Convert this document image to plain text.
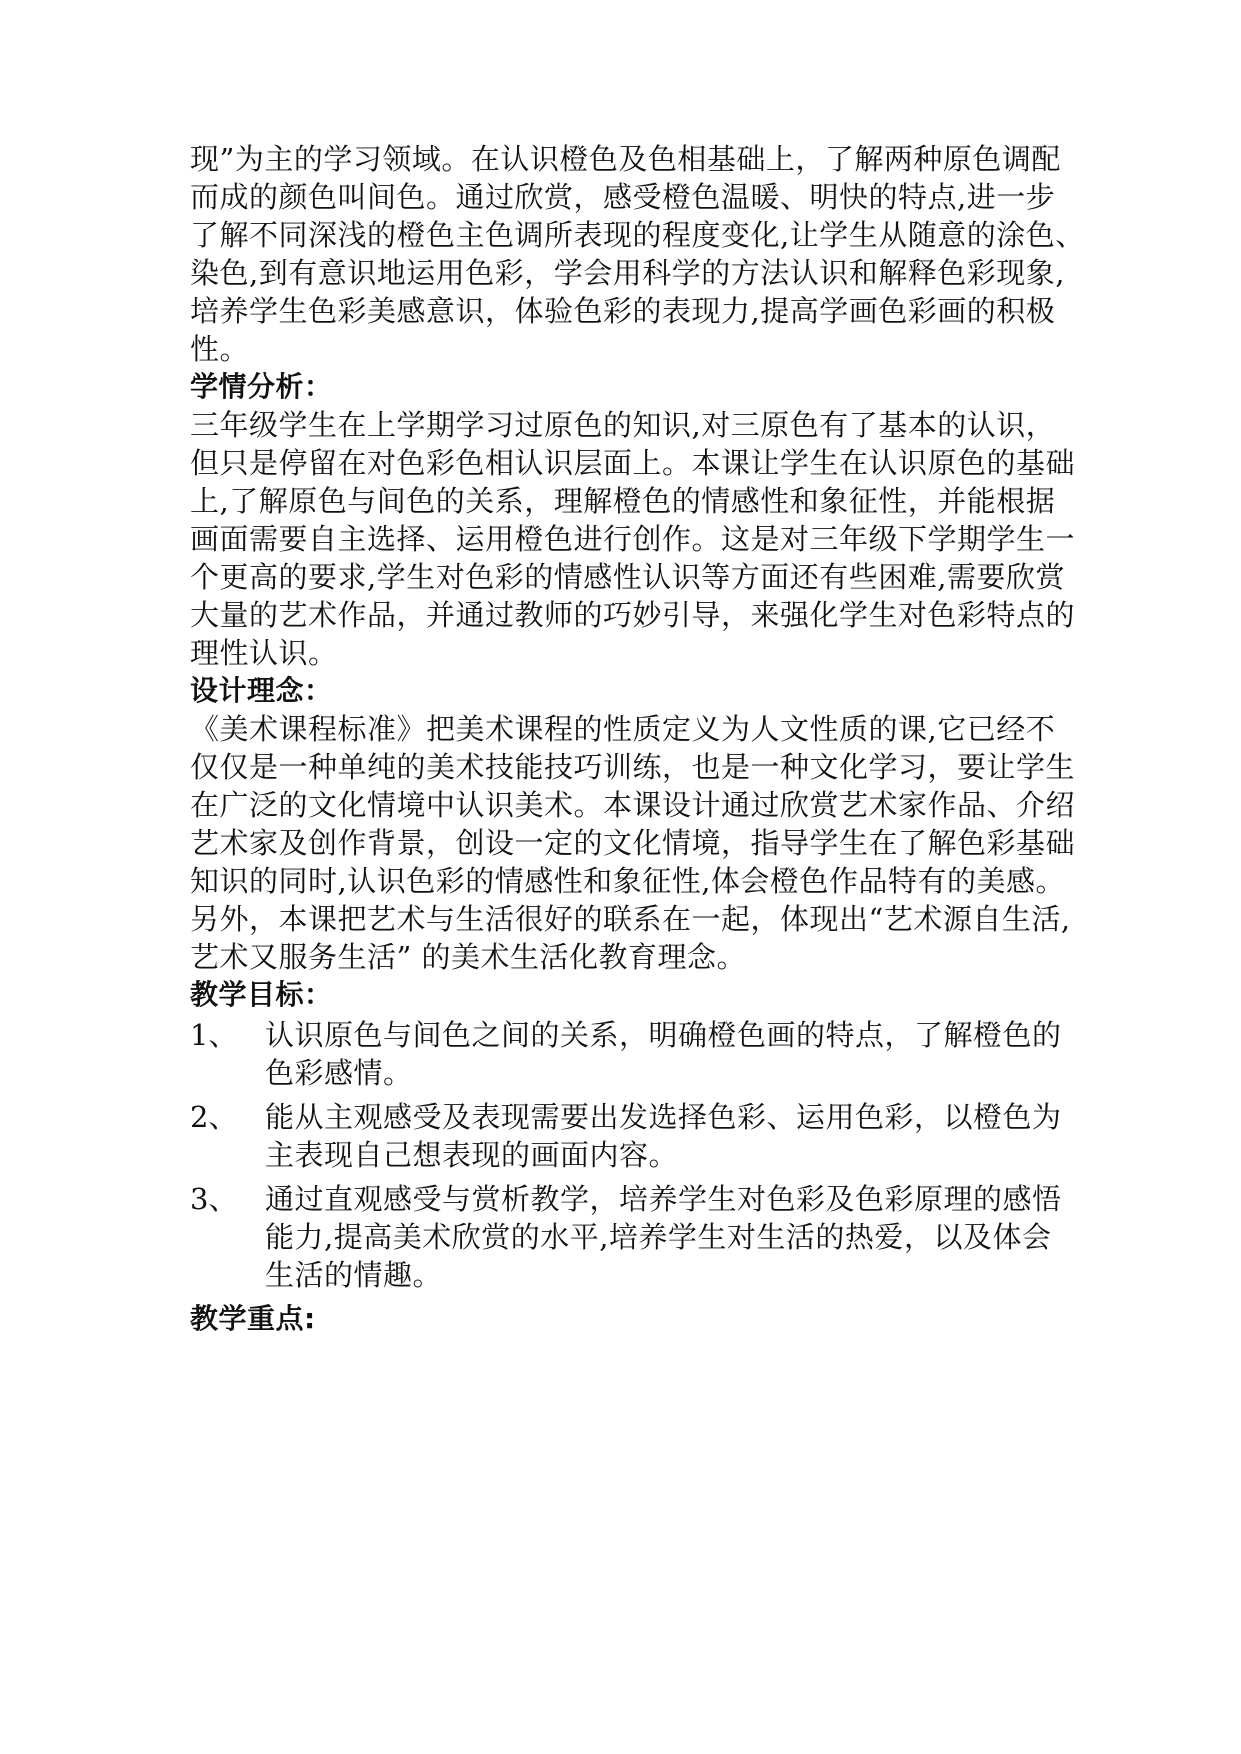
现”为主的学习领域。在认识橙色及色相基础上，了解两种原色调配
而成的颜色叫间色。通过欣赏，感受橙色温暖、明快的特点,进一步
了解不同深浅的橙色主色调所表现的程度变化,让学生从随意的涂色、
染色,到有意识地运用色彩，学会用科学的方法认识和解释色彩现象,
培养学生色彩美感意识，体验色彩的表现力,提高学画色彩画的积极
性。
学情分析：
三年级学生在上学期学习过原色的知识,对三原色有了基本的认识，
但只是停留在对色彩色相认识层面上。本课让学生在认识原色的基础
上,了解原色与间色的关系，理解橙色的情感性和象征性，并能根据
画面需要自主选择、运用橙色进行创作。这是对三年级下学期学生一
个更高的要求,学生对色彩的情感性认识等方面还有些困难,需要欣赏
大量的艺术作品，并通过教师的巧妙引导，来强化学生对色彩特点的
理性认识。
设计理念：
《美术课程标准》把美术课程的性质定义为人文性质的课,它已经不
仅仅是一种单纯的美术技能技巧训练，也是一种文化学习，要让学生
在广泛的文化情境中认识美术。本课设计通过欣赏艺术家作品、介绍
艺术家及创作背景，创设一定的文化情境，指导学生在了解色彩基础
知识的同时,认识色彩的情感性和象征性,体会橙色作品特有的美感。
另外，本课把艺术与生活很好的联系在一起，体现出“艺术源自生活,
艺术又服务生活” 的美术生活化教育理念。
教学目标：
1、 认识原色与间色之间的关系，明确橙色画的特点，了解橙色的
色彩感情。
2、 能从主观感受及表现需要出发选择色彩、运用色彩，以橙色为
主表现自己想表现的画面内容。
3、 通过直观感受与赏析教学，培养学生对色彩及色彩原理的感悟
能力,提高美术欣赏的水平,培养学生对生活的热爱，以及体会
生活的情趣。
教学重点:
